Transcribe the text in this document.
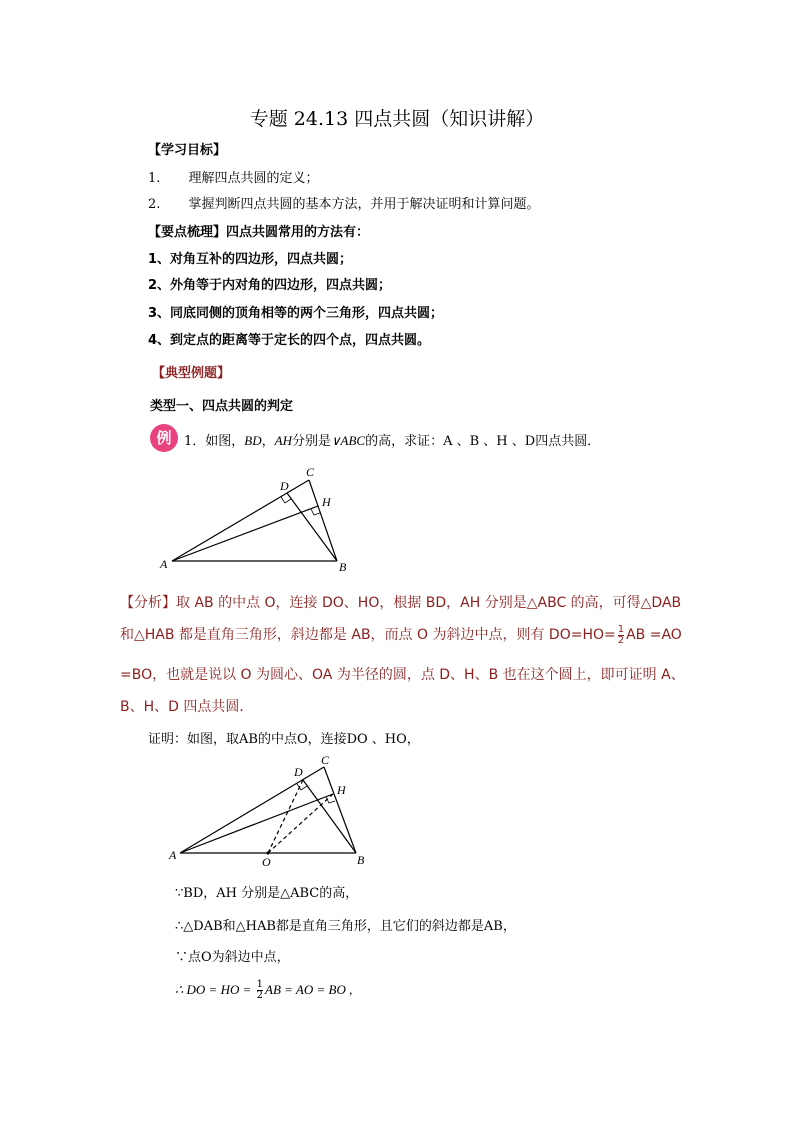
专题 24.13 四点共圆（知识讲解）
【学习目标】
1. 理解四点共圆的定义；
2. 掌握判断四点共圆的基本方法，并用于解决证明和计算问题。
【要点梳理】四点共圆常用的方法有：
1、对角互补的四边形，四点共圆；
2、外角等于内对角的四边形，四点共圆；
3、同底同侧的顶角相等的两个三角形，四点共圆；
4、到定点的距离等于定长的四个点，四点共圆。
【典型例题】
类型一、四点共圆的判定
例 1．如图，BD，AH分别是∨ABC的高，求证：A 、B 、H 、D四点共圆．
A	B
C
D
H
【分析】取 AB 的中点 O，连接 DO、HO，根据 BD，AH 分别是△ABC 的高，可得△DAB
和△HAB 都是直角三角形，斜边都是 AB，而点 O 为斜边中点，则有 $DO=HO= \frac{1}{2}$ AB =AO
=BO，也就是说以 O 为圆心、OA 为半径的圆，点 D、H、B 也在这个圆上，即可证明 A、
B、H、D 四点共圆．
证明：如图，取AB的中点O，连接DO 、HO，
A	B
C
D
H
O
∵BD，AH 分别是△ABC的高，
∴△DAB和△HAB都是直角三角形，且它们的斜边都是AB，
∵点O为斜边中点，
∴ DO = HO = $\frac{1}{2}$ AB = AO = BO ,
